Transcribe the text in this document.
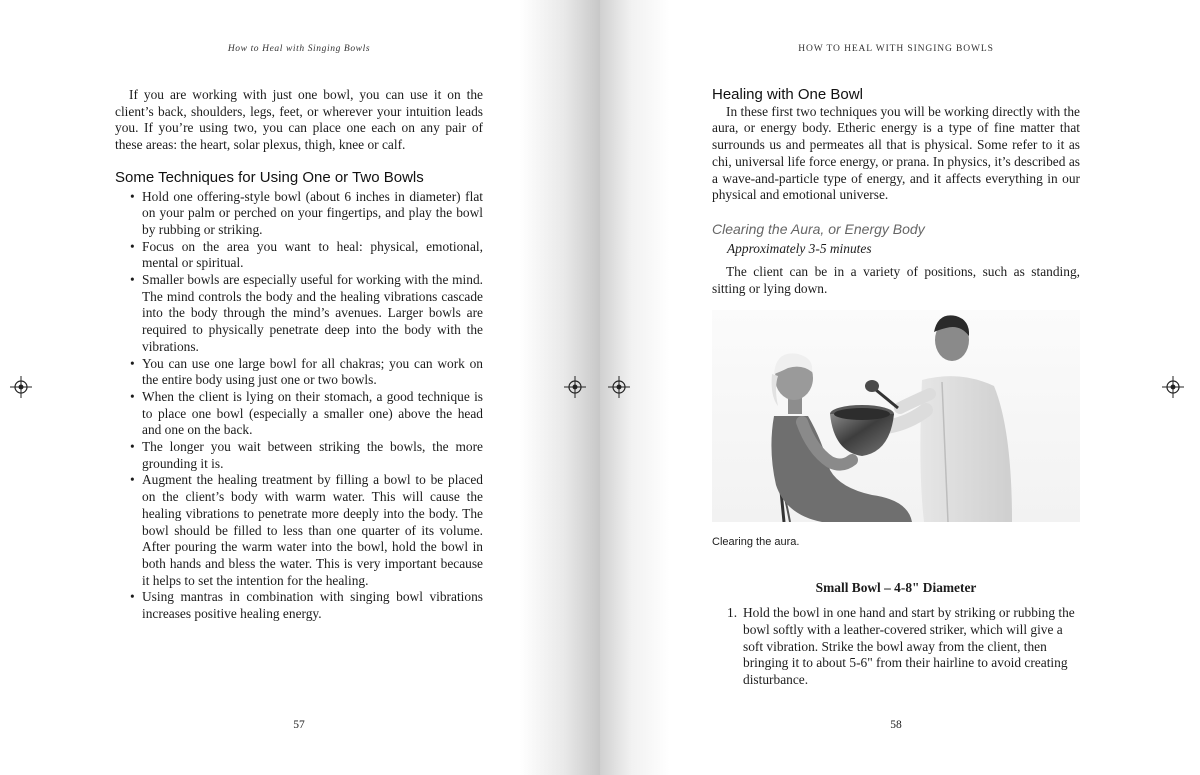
How to Heal with Singing Bowls

If you are working with just one bowl, you can use it on the client’s back, shoulders, legs, feet, or wherever your intuition leads you. If you’re using two, you can place one each on any pair of these areas: the heart, solar plexus, thigh, knee or calf.

Some Techniques for Using One or Two Bowls
• Hold one offering-style bowl (about 6 inches in diameter) flat on your palm or perched on your fingertips, and play the bowl by rubbing or striking.
• Focus on the area you want to heal: physical, emotional, mental or spiritual.
• Smaller bowls are especially useful for working with the mind. The mind controls the body and the healing vibrations cascade into the body through the mind’s avenues. Larger bowls are required to physically penetrate deep into the body with the vibrations.
• You can use one large bowl for all chakras; you can work on the entire body using just one or two bowls.
• When the client is lying on their stomach, a good technique is to place one bowl (especially a smaller one) above the head and one on the back.
• The longer you wait between striking the bowls, the more grounding it is.
• Augment the healing treatment by filling a bowl to be placed on the client’s body with warm water. This will cause the healing vibrations to penetrate more deeply into the body. The bowl should be filled to less than one quarter of its volume. After pouring the warm water into the bowl, hold the bowl in both hands and bless the water. This is very important because it helps to set the intention for the healing.
• Using mantras in combination with singing bowl vibrations increases positive healing energy.
57
HOW TO HEAL WITH SINGING BOWLS
Healing with One Bowl

In these first two techniques you will be working directly with the aura, or energy body. Etheric energy is a type of fine matter that surrounds us and permeates all that is physical. Some refer to it as chi, universal life force energy, or prana. In physics, it’s described as a wave-and-particle type of energy, and it affects everything in our physical and emotional universe.

Clearing the Aura, or Energy Body
Approximately 3-5 minutes

The client can be in a variety of positions, such as standing, sitting or lying down.

Clearing the aura.
Small Bowl – 4-8" Diameter
1. Hold the bowl in one hand and start by striking or rubbing the bowl softly with a leather-covered striker, which will give a soft vibration. Strike the bowl away from the client, then bringing it to about 5-6" from their hairline to avoid creating disturbance.
58
